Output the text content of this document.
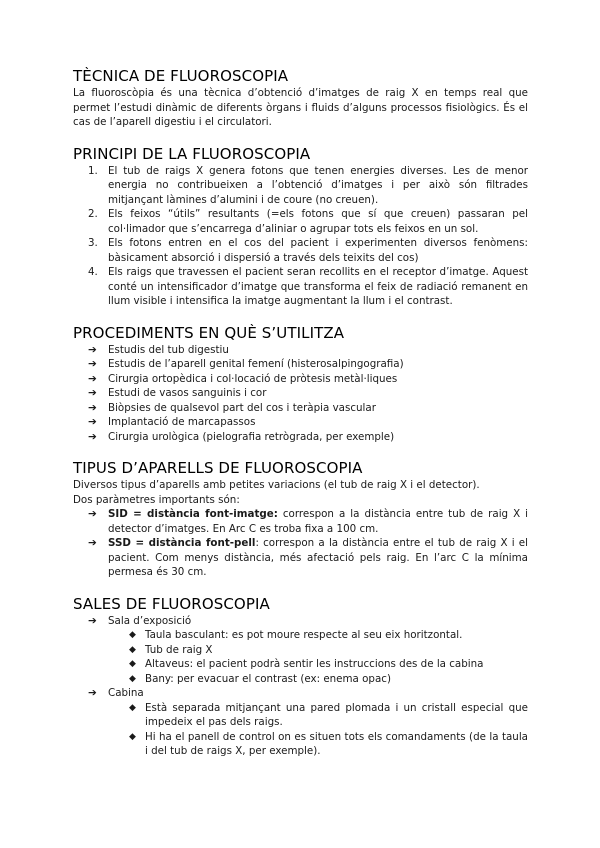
TÈCNICA DE FLUOROSCOPIA

La fluoroscòpia és una tècnica d’obtenció d’imatges de raig X en temps real que permet l’estudi dinàmic de diferents òrgans i fluids d’alguns processos fisiològics. És el cas de l’aparell digestiu i el circulatori.

PRINCIPI DE LA FLUOROSCOPIA
1. El tub de raigs X genera fotons que tenen energies diverses. Les de menor energia no contribueixen a l’obtenció d’imatges i per això són filtrades mitjançant làmines d’alumini i de coure (no creuen).
2. Els feixos “útils” resultants (=els fotons que sí que creuen) passaran pel col·limador que s’encarrega d’aliniar o agrupar tots els feixos en un sol.
3. Els fotons entren en el cos del pacient i experimenten diversos fenòmens: bàsicament absorció i dispersió a través dels teixits del cos)
4. Els raigs que travessen el pacient seran recollits en el receptor d’imatge. Aquest conté un intensificador d’imatge que transforma el feix de radiació remanent en llum visible i intensifica la imatge augmentant la llum i el contrast.
PROCEDIMENTS EN QUÈ S’UTILITZA
➔ Estudis del tub digestiu
➔ Estudis de l’aparell genital femení (histerosalpingografia)
➔ Cirurgia ortopèdica i col·locació de pròtesis metàl·liques
➔ Estudi de vasos sanguinis i cor
➔ Biòpsies de qualsevol part del cos i teràpia vascular
➔ Implantació de marcapassos
➔ Cirurgia urològica (pielografia retrògrada, per exemple)
TIPUS D’APARELLS DE FLUOROSCOPIA

Diversos tipus d’aparells amb petites variacions (el tub de raig X i el detector).

Dos paràmetres importants són:

➔ SID = distància font-imatge: correspon a la distància entre tub de raig X i detector d’imatges. En Arc C es troba fixa a 100 cm.
➔ SSD = distància font-pell: correspon a la distància entre el tub de raig X i el pacient. Com menys distància, més afectació pels raig. En l’arc C la mínima permesa és 30 cm.
SALES DE FLUOROSCOPIA
➔ Sala d’exposició
◆ Taula basculant: es pot moure respecte al seu eix horitzontal.
◆ Tub de raig X
◆ Altaveus: el pacient podrà sentir les instruccions des de la cabina
◆ Bany: per evacuar el contrast (ex: enema opac)
➔ Cabina
◆ Està separada mitjançant una pared plomada i un cristall especial que impedeix el pas dels raigs.
◆ Hi ha el panell de control on es situen tots els comandaments (de la taula i del tub de raigs X, per exemple).
